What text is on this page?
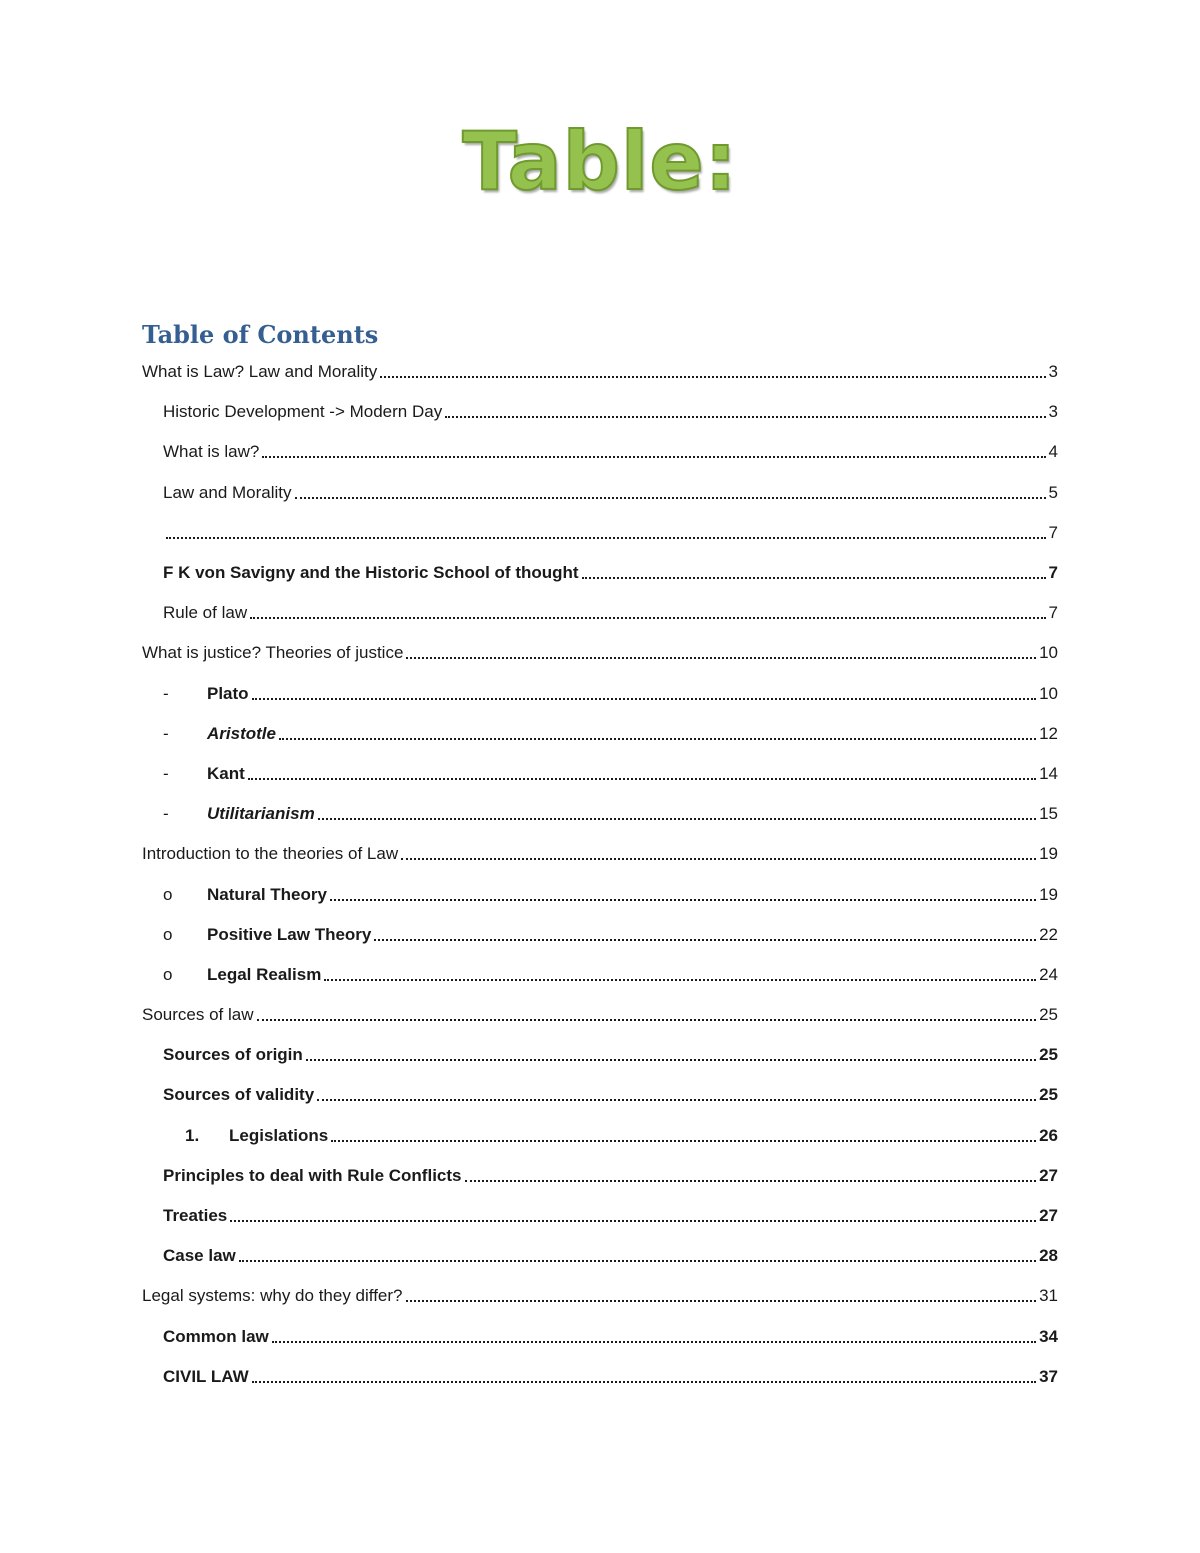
Table:
Table of Contents
What is Law? Law and Morality	3
Historic Development -> Modern Day	3
What is law?	4
Law and Morality	5
7
F K von Savigny and the Historic School of thought	7
Rule of law	7
What is justice? Theories of justice	10
-	Plato	10
-	Aristotle	12
-	Kant	14
-	Utilitarianism	15
Introduction to the theories of Law	19
o	Natural Theory	19
o	Positive Law Theory	22
o	Legal Realism	24
Sources of law	25
Sources of origin	25
Sources of validity	25
1.	Legislations	26
Principles to deal with Rule Conflicts	27
Treaties	27
Case law	28
Legal systems: why do they differ?	31
Common law	34
CIVIL LAW	37
